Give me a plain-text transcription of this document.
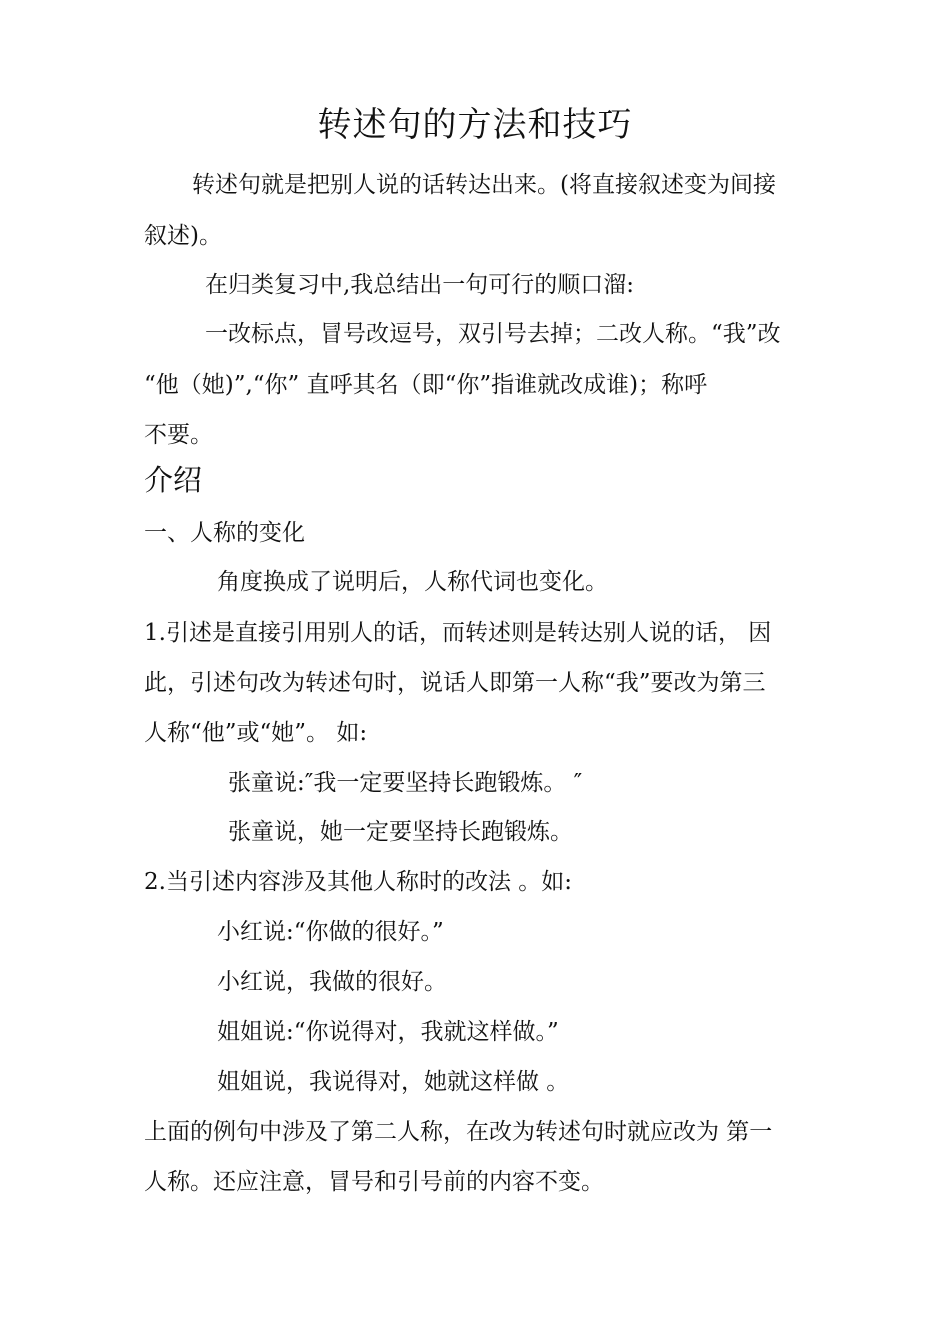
转述句的方法和技巧
转述句就是把别人说的话转达出来。(将直接叙述变为间接
叙述)。
在归类复习中,我总结出一句可行的顺口溜:
一改标点，冒号改逗号，双引号去掉；二改人称。“我”改
“他（她)”,“你” 直呼其名（即“你”指谁就改成谁)；称呼
不要。
介绍
一、人称的变化
角度换成了说明后，人称代词也变化。
1.引述是直接引用别人的话，而转述则是转达别人说的话， 因
此，引述句改为转述句时，说话人即第一人称“我”要改为第三
人称“他”或“她”。 如:
张童说:″我一定要坚持长跑锻炼。 ″
张童说，她一定要坚持长跑锻炼。
2.当引述内容涉及其他人称时的改法 。如:
小红说:“你做的很好。”
小红说，我做的很好。
姐姐说:“你说得对，我就这样做。”
姐姐说，我说得对，她就这样做 。
上面的例句中涉及了第二人称，在改为转述句时就应改为 第一
人称。还应注意，冒号和引号前的内容不变。
